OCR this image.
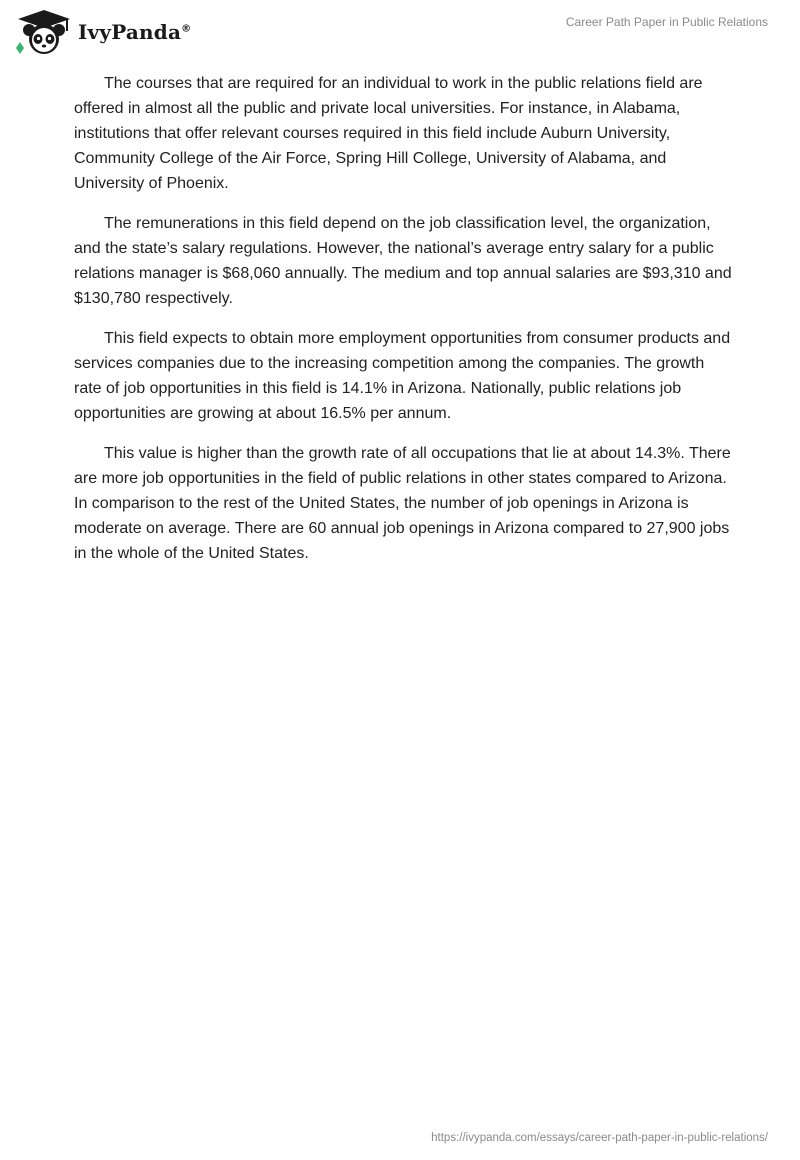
IvyPanda®	Career Path Paper in Public Relations

The courses that are required for an individual to work in the public relations field are offered in almost all the public and private local universities. For instance, in Alabama, institutions that offer relevant courses required in this field include Auburn University, Community College of the Air Force, Spring Hill College, University of Alabama, and University of Phoenix.

The remunerations in this field depend on the job classification level, the organization, and the state’s salary regulations. However, the national’s average entry salary for a public relations manager is $68,060 annually. The medium and top annual salaries are $93,310 and $130,780 respectively.

This field expects to obtain more employment opportunities from consumer products and services companies due to the increasing competition among the companies. The growth rate of job opportunities in this field is 14.1% in Arizona. Nationally, public relations job opportunities are growing at about 16.5% per annum.

This value is higher than the growth rate of all occupations that lie at about 14.3%. There are more job opportunities in the field of public relations in other states compared to Arizona. In comparison to the rest of the United States, the number of job openings in Arizona is moderate on average. There are 60 annual job openings in Arizona compared to 27,900 jobs in the whole of the United States.

https://ivypanda.com/essays/career-path-paper-in-public-relations/
